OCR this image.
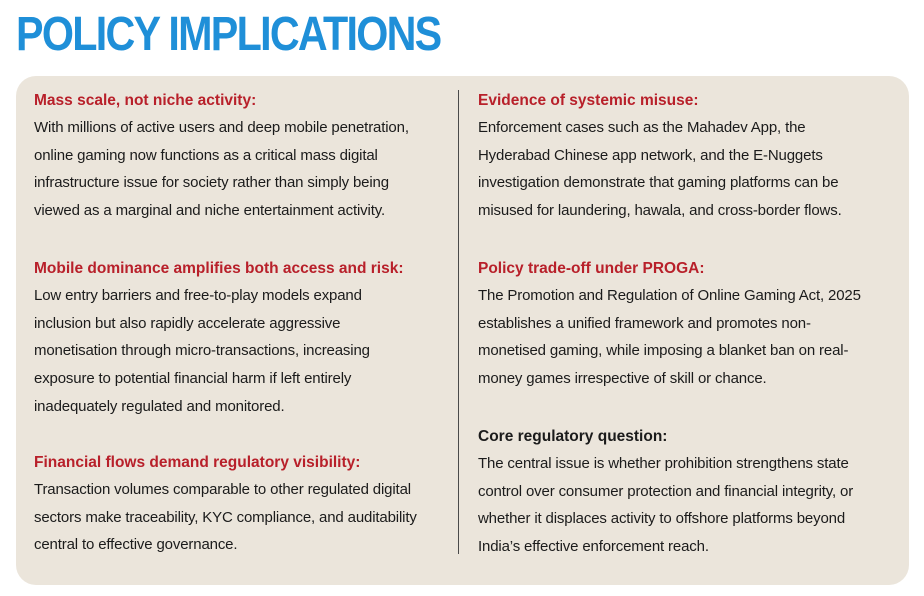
POLICY IMPLICATIONS
Mass scale, not niche activity:
With millions of active users and deep mobile penetration,
online gaming now functions as a critical mass digital
infrastructure issue for society rather than simply being
viewed as a marginal and niche entertainment activity.
Mobile dominance amplifies both access and risk:
Low entry barriers and free-to-play models expand
inclusion but also rapidly accelerate aggressive
monetisation through micro-transactions, increasing
exposure to potential financial harm if left entirely
inadequately regulated and monitored.
Financial flows demand regulatory visibility:
Transaction volumes comparable to other regulated digital
sectors make traceability, KYC compliance, and auditability
central to effective governance.
Evidence of systemic misuse:
Enforcement cases such as the Mahadev App, the
Hyderabad Chinese app network, and the E-Nuggets
investigation demonstrate that gaming platforms can be
misused for laundering, hawala, and cross-border flows.
Policy trade-off under PROGA:
The Promotion and Regulation of Online Gaming Act, 2025
establishes a unified framework and promotes non-
monetised gaming, while imposing a blanket ban on real-
money games irrespective of skill or chance.
Core regulatory question:
The central issue is whether prohibition strengthens state
control over consumer protection and financial integrity, or
whether it displaces activity to offshore platforms beyond
India’s effective enforcement reach.
